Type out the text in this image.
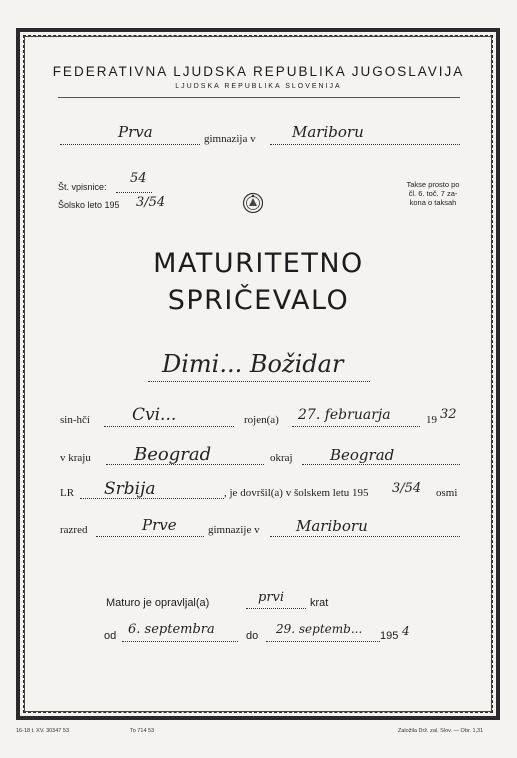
FEDERATIVNA LJUDSKA REPUBLIKA JUGOSLAVIJA
LJUDSKA REPUBLIKA SLOVENIJA
Prva	gimnazija v Mariboru
Št. vpisnice:
54
Šolsko leto 195 3/54
Takse prosto po
čl. 6. toč. 7 za-
kona o taksah
MATURITETNO
SPRIČEVALO
Dimi... Božidar
sin-hčí Cvi...	rojen(a) 27. februarja	19 32
v kraju Beograd	okraj Beograd
LR Srbija	, je dovršil(a) v šolskem letu 195 3/54 osmi
razred	Prve	gimnazije v Mariboru
Maturo je opravljal(a)	prvi krat
od 6. septembra	do 29. septemb... 195 4
16-18 t. XV. 30347 53	To 714 53	Založila Drž. zal. Slov. — Obr. 1,31
